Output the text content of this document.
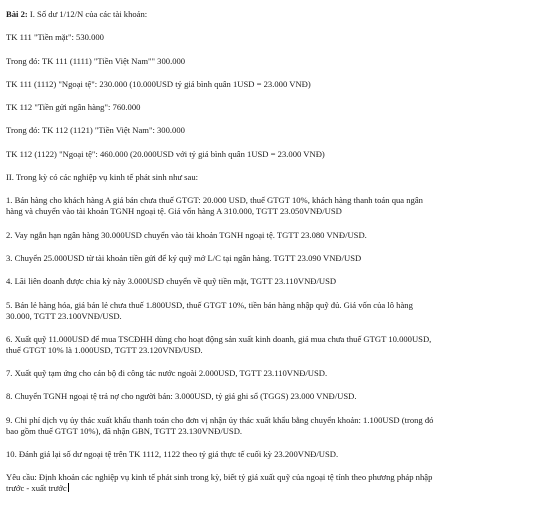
Bài 2: I. Số dư 1/12/N của các tài khoản:
TK 111 "Tiền mặt": 530.000
Trong đó: TK 111 (1111) "Tiền Việt Nam"" 300.000
TK 111 (1112) "Ngoại tệ": 230.000 (10.000USD tỷ giá bình quân 1USD = 23.000 VNĐ)
TK 112 "Tiền gửi ngân hàng": 760.000
Trong đó: TK 112 (1121) "Tiền Việt Nam": 300.000
TK 112 (1122) "Ngoại tệ": 460.000 (20.000USD với tỷ giá bình quân 1USD = 23.000 VNĐ)
II. Trong kỳ có các nghiệp vụ kinh tế phát sinh như sau:
1. Bán hàng cho khách hàng A giá bán chưa thuế GTGT: 20.000 USD, thuế GTGT 10%, khách hàng thanh toán qua ngân
hàng và chuyển vào tài khoản TGNH ngoại tệ. Giá vốn hàng A 310.000, TGTT 23.050VNĐ/USD
2. Vay ngắn hạn ngân hàng 30.000USD chuyển vào tài khoản TGNH ngoại tệ. TGTT 23.080 VNĐ/USD.
3. Chuyển 25.000USD từ tài khoản tiền gửi để ký quỹ mở L/C tại ngân hàng. TGTT 23.090 VNĐ/USD
4. Lãi liên doanh được chia kỳ này 3.000USD chuyển về quỹ tiền mặt, TGTT 23.110VNĐ/USD
5. Bán lẻ hàng hóa, giá bán lẻ chưa thuế 1.800USD, thuế GTGT 10%, tiền bán hàng nhập quỹ đủ. Giá vốn của lô hàng
30.000, TGTT 23.100VNĐ/USD.
6. Xuất quỹ 11.000USD để mua TSCĐHH dùng cho hoạt động sản xuất kinh doanh, giá mua chưa thuế GTGT 10.000USD,
thuế GTGT 10% là 1.000USD, TGTT 23.120VNĐ/USD.
7. Xuất quỹ tạm ứng cho cán bộ đi công tác nước ngoài 2.000USD, TGTT 23.110VNĐ/USD.
8. Chuyển TGNH ngoại tệ trả nợ cho người bán: 3.000USD, tỷ giá ghi sổ (TGGS) 23.000 VNĐ/USD.
9. Chi phí dịch vụ ủy thác xuất khẩu thanh toán cho đơn vị nhận ủy thác xuất khẩu bằng chuyển khoản: 1.100USD (trong đó
bao gồm thuế GTGT 10%), đã nhận GBN, TGTT 23.130VNĐ/USD.
10. Đánh giá lại số dư ngoại tệ trên TK 1112, 1122 theo tỷ giá thực tế cuối kỳ 23.200VNĐ/USD.
Yêu cầu: Định khoản các nghiệp vụ kinh tế phát sinh trong kỳ, biết tỷ giá xuất quỹ của ngoại tệ tính theo phương pháp nhập
trước - xuất trước
